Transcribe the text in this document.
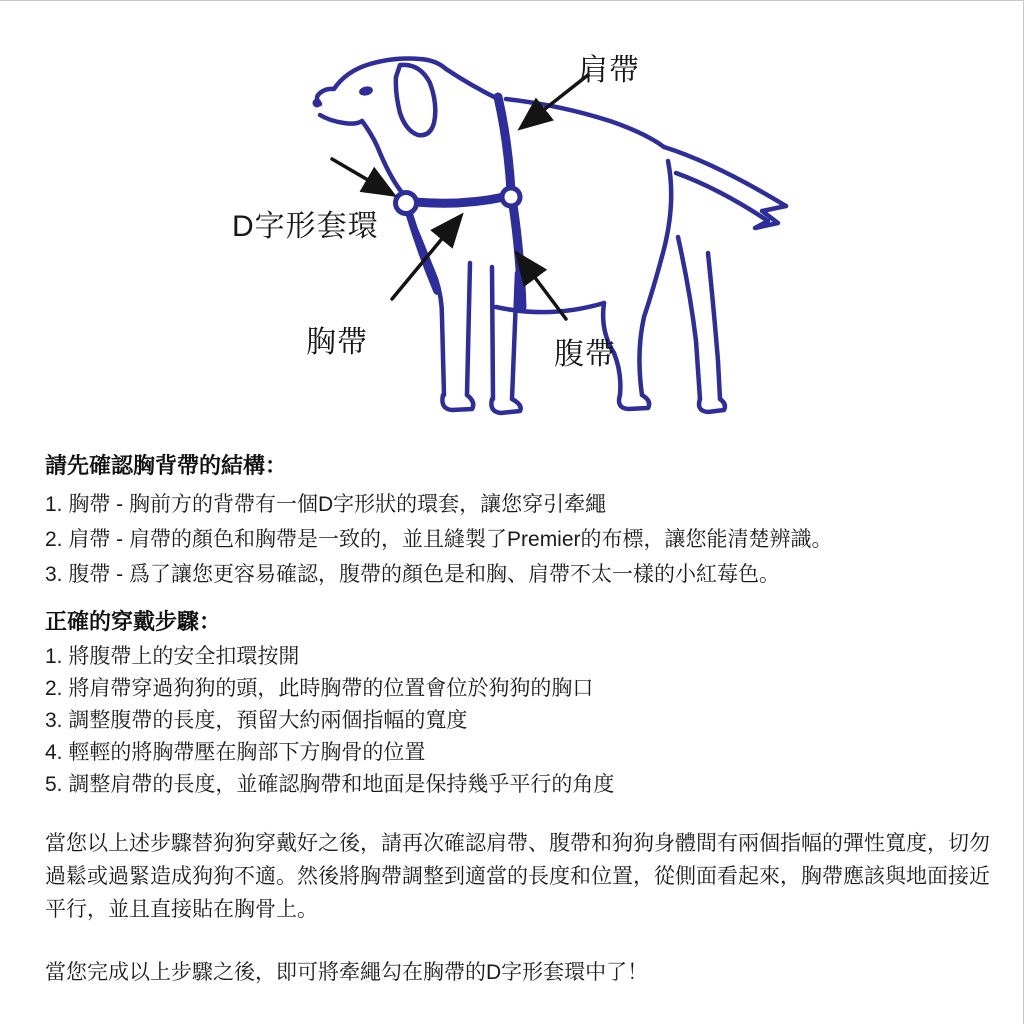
肩帶
D字形套環
胸帶	腹帶
請先確認胸背帶的結構：
1. 胸帶 - 胸前方的背帶有一個D字形狀的環套，讓您穿引牽繩
2. 肩帶 - 肩帶的顏色和胸帶是一致的，並且縫製了Premier的布標，讓您能清楚辨識。
3. 腹帶 - 爲了讓您更容易確認，腹帶的顏色是和胸、肩帶不太一樣的小紅莓色。
正確的穿戴步驟：
1. 將腹帶上的安全扣環按開
2. 將肩帶穿過狗狗的頭，此時胸帶的位置會位於狗狗的胸口
3. 調整腹帶的長度，預留大約兩個指幅的寬度
4. 輕輕的將胸帶壓在胸部下方胸骨的位置
5. 調整肩帶的長度，並確認胸帶和地面是保持幾乎平行的角度

當您以上述步驟替狗狗穿戴好之後，請再次確認肩帶、腹帶和狗狗身體間有兩個指幅的彈性寬度，切勿過鬆或過緊造成狗狗不適。然後將胸帶調整到適當的長度和位置，從側面看起來，胸帶應該與地面接近平行，並且直接貼在胸骨上。

當您完成以上步驟之後，即可將牽繩勾在胸帶的D字形套環中了！
